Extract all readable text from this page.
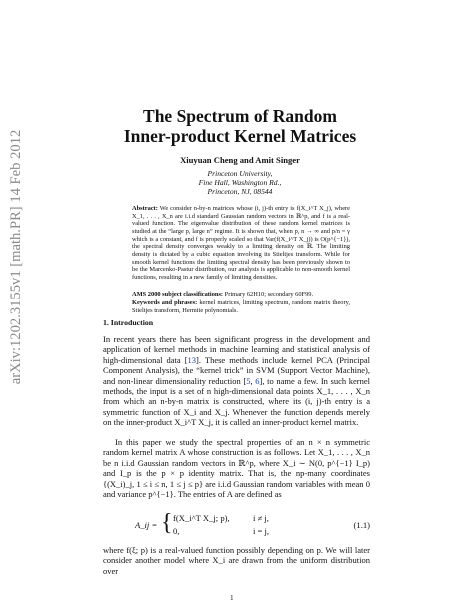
arXiv:1202.3155v1 [math.PR] 14 Feb 2012
The Spectrum of Random
Inner-product Kernel Matrices
Xiuyuan Cheng and Amit Singer
Princeton University,
Fine Hall, Washington Rd.,
Princeton, NJ, 08544
Abstract: We consider n-by-n matrices whose (i, j)-th entry is f(X_i^T X_j), where X_1, . . . , X_n are i.i.d standard Gaussian random vectors in ℝ^p, and f is a real-valued function. The eigenvalue distribution of these random kernel matrices is studied at the “large p, large n” regime. It is shown that, when p, n → ∞ and p/n = γ which is a constant, and f is properly scaled so that Var(f(X_i^T X_j)) is O(p^{−1}), the spectral density converges weakly to a limiting density on ℝ. The limiting density is dictated by a cubic equation involving its Stieltjes transform. While for smooth kernel functions the limiting spectral density has been previously shown to be the Marcenko-Pastur distribution, our analysis is applicable to non-smooth kernel functions, resulting in a new family of limiting densities.
AMS 2000 subject classifications: Primary 62H10; secondary 60F99.
Keywords and phrases: kernel matrices, limiting spectrum, random matrix theory, Stieltjes transform, Hermite polynomials.
1. Introduction
In recent years there has been significant progress in the development and application of kernel methods in machine learning and statistical analysis of high-dimensional data [13]. These methods include kernel PCA (Principal Component Analysis), the “kernel trick” in SVM (Support Vector Machine), and non-linear dimensionality reduction [5, 6], to name a few. In such kernel methods, the input is a set of n high-dimensional data points X_1, . . . , X_n from which an n-by-n matrix is constructed, where its (i, j)-th entry is a symmetric function of X_i and X_j. Whenever the function depends merely on the inner-product X_i^T X_j, it is called an inner-product kernel matrix.
In this paper we study the spectral properties of an n × n symmetric random kernel matrix A whose construction is as follows. Let X_1, . . . , X_n be n i.i.d Gaussian random vectors in ℝ^p, where X_i ∼ N(0, p^{−1} I_p) and I_p is the p × p identity matrix. That is, the np-many coordinates {(X_i)_j, 1 ≤ i ≤ n, 1 ≤ j ≤ p} are i.i.d Gaussian random variables with mean 0 and variance p^{−1}. The entries of A are defined as
A_ij = { f(X_i^T X_j; p),	i ≠ j,
0,	i = j,
(1.1)
where f(ξ; p) is a real-valued function possibly depending on p. We will later consider another model where X_i are drawn from the uniform distribution over
1
